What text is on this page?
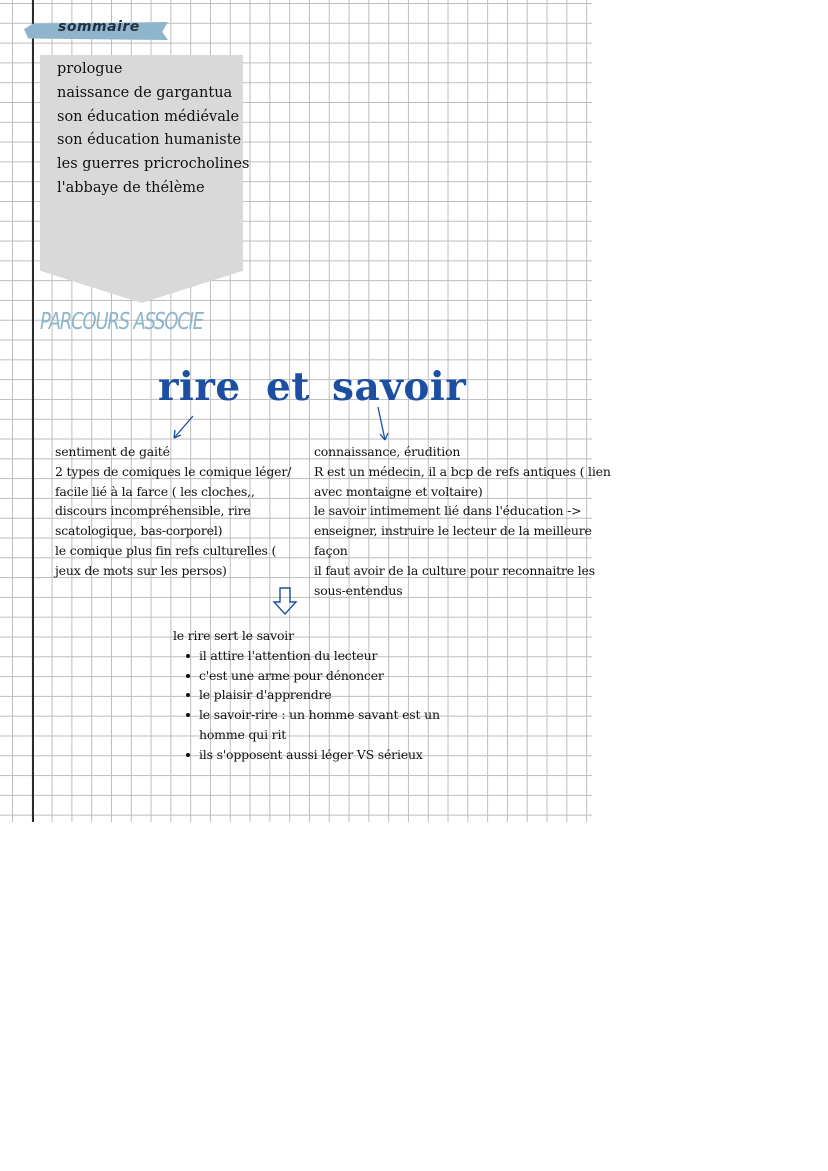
sommaire
prologue
naissance de gargantua
son éducation médiévale
son éducation humaniste
les guerres pricrocholines
l'abbaye de thélème
PARCOURS ASSOCIE
rire et savoir
sentiment de gaité
2 types de comiques le comique léger/
facile lié à la farce ( les cloches,,
discours incompréhensible, rire
scatologique, bas-corporel)
le comique plus fin refs culturelles (
jeux de mots sur les persos)
connaissance, érudition
R est un médecin, il a bcp de refs antiques ( lien
avec montaigne et voltaire)
le savoir intimement lié dans l'éducation ->
enseigner, instruire le lecteur de la meilleure
façon
il faut avoir de la culture pour reconnaitre les
sous-entendus
le rire sert le savoir
il attire l'attention du lecteur
c'est une arme pour dénoncer
le plaisir d'apprendre
le savoir-rire : un homme savant est un
homme qui rit
ils s'opposent aussi léger VS sérieux
